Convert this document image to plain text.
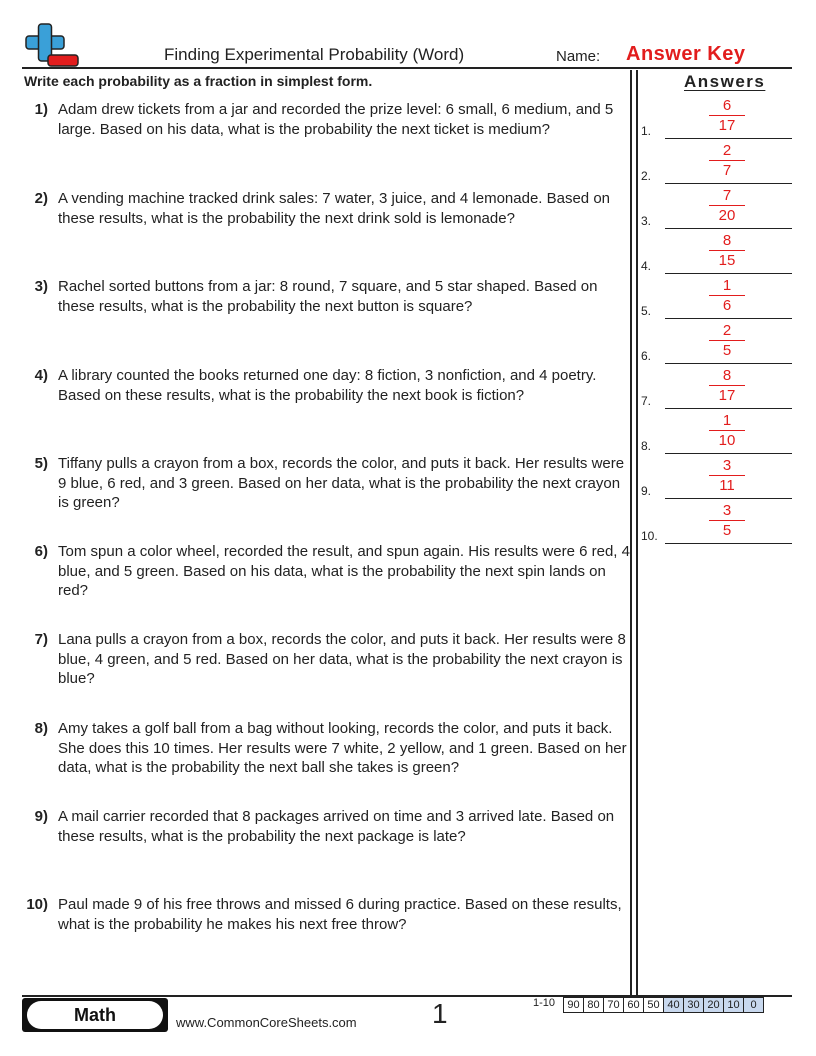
Finding Experimental Probability (Word)	Name: Answer Key
Write each probability as a fraction in simplest form.	Answers
1) Adam drew tickets from a jar and recorded the prize level: 6 small, 6 medium, and 5 large. Based on his data, what is the probability the next ticket is medium?
2) A vending machine tracked drink sales: 7 water, 3 juice, and 4 lemonade. Based on these results, what is the probability the next drink sold is lemonade?
3) Rachel sorted buttons from a jar: 8 round, 7 square, and 5 star shaped. Based on these results, what is the probability the next button is square?
4) A library counted the books returned one day: 8 fiction, 3 nonfiction, and 4 poetry. Based on these results, what is the probability the next book is fiction?
5) Tiffany pulls a crayon from a box, records the color, and puts it back. Her results were 9 blue, 6 red, and 3 green. Based on her data, what is the probability the next crayon is green?
6) Tom spun a color wheel, recorded the result, and spun again. His results were 6 red, 4 blue, and 5 green. Based on his data, what is the probability the next spin lands on red?
7) Lana pulls a crayon from a box, records the color, and puts it back. Her results were 8 blue, 4 green, and 5 red. Based on her data, what is the probability the next crayon is blue?
8) Amy takes a golf ball from a bag without looking, records the color, and puts it back. She does this 10 times. Her results were 7 white, 2 yellow, and 1 green. Based on her data, what is the probability the next ball she takes is green?
9) A mail carrier recorded that 8 packages arrived on time and 3 arrived late. Based on these results, what is the probability the next package is late?
10) Paul made 9 of his free throws and missed 6 during practice. Based on these results, what is the probability he makes his next free throw?
1.
6
17
2.
2
7
3.
7
20
4.
8
15
5.
1
6
6.
2
5
7.
8
17
8.
1
10
9.
3
11
10.
3
5
Math	www.CommonCoreSheets.com	1	1-10 90	80	70	60	50	40	30	20	10	0
